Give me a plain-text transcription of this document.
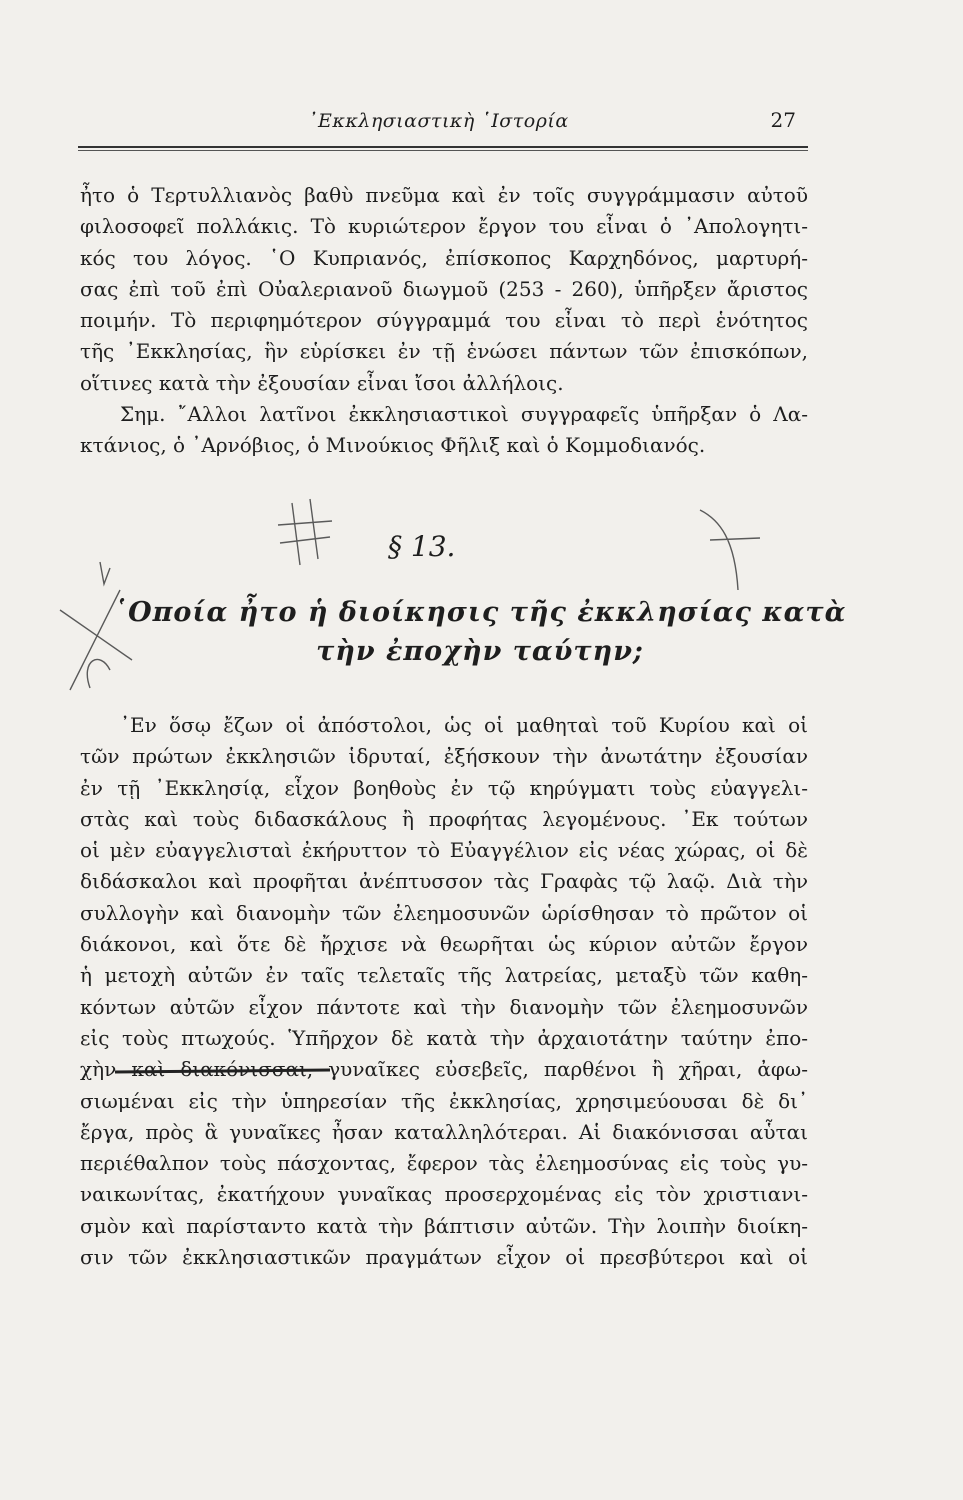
᾿Εκκλησιαστικὴ ῾Ιστορία	27
ἦτο ὁ Τερτυλλιανὸς βαθὺ πνεῦμα καὶ ἐν τοῖς συγγράμμασιν αὐτοῦ
φιλοσοφεῖ πολλάκις. Τὸ κυριώτερον ἔργον του εἶναι ὁ ᾿Απολογητι-
κός του λόγος. ῾Ο Κυπριανός, ἐπίσκοπος Καρχηδόνος, μαρτυρή-
σας ἐπὶ τοῦ ἐπὶ Οὐαλεριανοῦ διωγμοῦ (253 - 260), ὑπῆρξεν ἄριστος
ποιμήν. Τὸ περιφημότερον σύγγραμμά του εἶναι τὸ περὶ ἑνότητος
τῆς ᾿Εκκλησίας, ἣν εὑρίσκει ἐν τῇ ἑνώσει πάντων τῶν ἐπισκόπων,
οἵτινες κατὰ τὴν ἐξουσίαν εἶναι ἴσοι ἀλλήλοις.
Σημ. ῎Αλλοι λατῖνοι ἐκκλησιαστικοὶ συγγραφεῖς ὑπῆρξαν ὁ Λα-
κτάνιος, ὁ ᾿Αρνόβιος, ὁ Μινούκιος Φῆλιξ καὶ ὁ Κομμοδιανός.
§ 13.
῾Οποία ἦτο ἡ διοίκησις τῆς ἐκκλησίας κατὰ
τὴν ἐποχὴν ταύτην;
᾿Εν ὅσῳ ἔζων οἱ ἀπόστολοι, ὡς οἱ μαθηταὶ τοῦ Κυρίου καὶ οἱ
τῶν πρώτων ἐκκλησιῶν ἱδρυταί, ἐξήσκουν τὴν ἀνωτάτην ἐξουσίαν
ἐν τῇ ᾿Εκκλησίᾳ, εἶχον βοηθοὺς ἐν τῷ κηρύγματι τοὺς εὐαγγελι-
στὰς καὶ τοὺς διδασκάλους ἢ προφήτας λεγομένους. ᾿Εκ τούτων
οἱ μὲν εὐαγγελισταὶ ἐκήρυττον τὸ Εὐαγγέλιον εἰς νέας χώρας, οἱ δὲ
διδάσκαλοι καὶ προφῆται ἀνέπτυσσον τὰς Γραφὰς τῷ λαῷ. Διὰ τὴν
συλλογὴν καὶ διανομὴν τῶν ἐλεημοσυνῶν ὡρίσθησαν τὸ πρῶτον οἱ
διάκονοι, καὶ ὅτε δὲ ἤρχισε νὰ θεωρῆται ὡς κύριον αὐτῶν ἔργον
ἡ μετοχὴ αὐτῶν ἐν ταῖς τελεταῖς τῆς λατρείας, μεταξὺ τῶν καθη-
κόντων αὐτῶν εἶχον πάντοτε καὶ τὴν διανομὴν τῶν ἐλεημοσυνῶν
εἰς τοὺς πτωχούς. Ὑπῆρχον δὲ κατὰ τὴν ἀρχαιοτάτην ταύτην ἐπο-
χὴν καὶ διακόνισσαι, γυναῖκες εὐσεβεῖς, παρθένοι ἢ χῆραι, ἀφω-
σιωμέναι εἰς τὴν ὑπηρεσίαν τῆς ἐκκλησίας, χρησιμεύουσαι δὲ δι᾿
ἔργα, πρὸς ἃ γυναῖκες ἦσαν καταλληλότεραι. Αἱ διακόνισσαι αὗται
περιέθαλπον τοὺς πάσχοντας, ἔφερον τὰς ἐλεημοσύνας εἰς τοὺς γυ-
ναικωνίτας, ἐκατήχουν γυναῖκας προσερχομένας εἰς τὸν χριστιανι-
σμὸν καὶ παρίσταντο κατὰ τὴν βάπτισιν αὐτῶν. Τὴν λοιπὴν διοίκη-
σιν τῶν ἐκκλησιαστικῶν πραγμάτων εἶχον οἱ πρεσβύτεροι καὶ οἱ
